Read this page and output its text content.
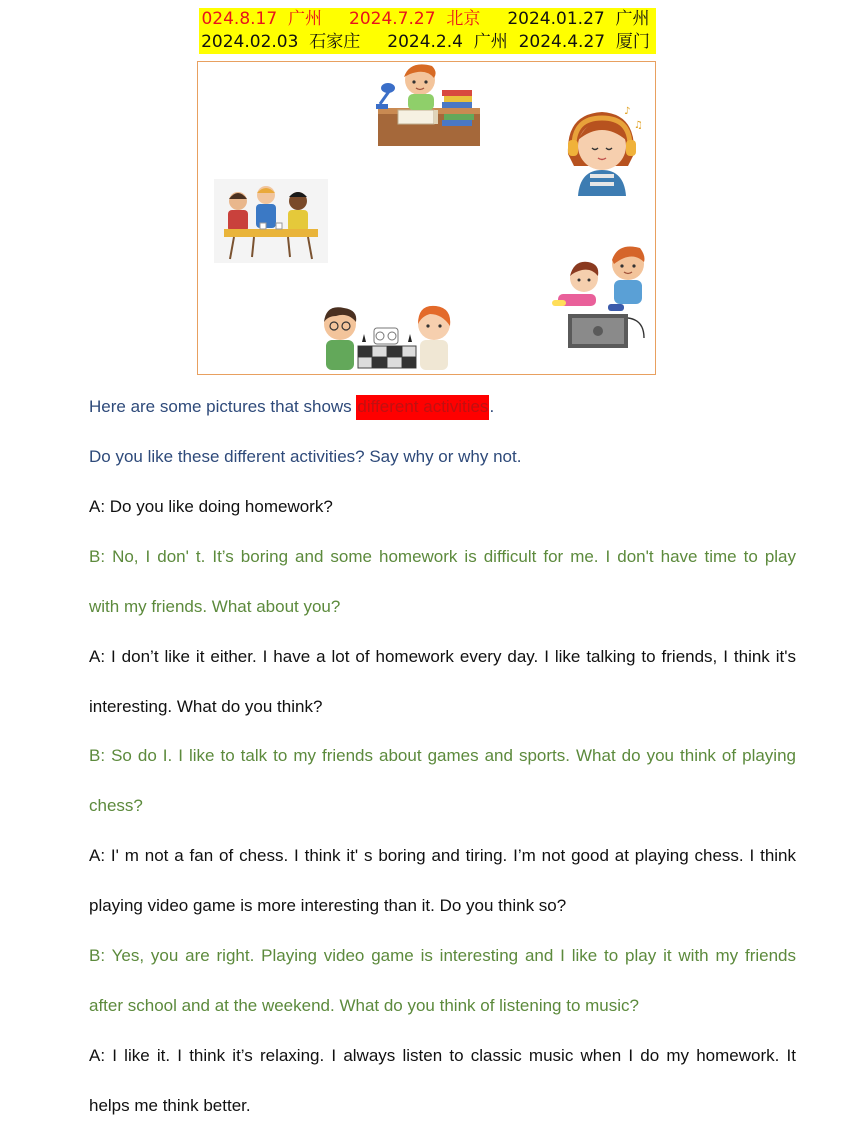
024.8.17  广州     2024.7.27  北京     2024.01.27  广州
2024.02.03  石家庄     2024.2.4  广州  2024.4.27  厦门
♪
♫
Here are some pictures that shows different activities.
Do you like these different activities? Say why or why not.
A: Do you like doing homework?
B: No, I don' t. It’s boring and some homework is difficult for me. I don't have time to play
with my friends. What about you?
A: I don’t like it either. I have a lot of homework every day. I like talking to friends, I think it's
interesting. What do you think?
B: So do I. I like to talk to my friends about games and sports. What do you think of playing
chess?
A: I' m not a fan of chess. I think it' s boring and tiring. I’m not good at playing chess. I think
playing video game is more interesting than it. Do you think so?
B: Yes, you are right. Playing video game is interesting and I like to play it with my friends
after school and at the weekend. What do you think of listening to music?
A: I like it. I think it’s relaxing. I always listen to classic music when I do my homework. It
helps me think better.
